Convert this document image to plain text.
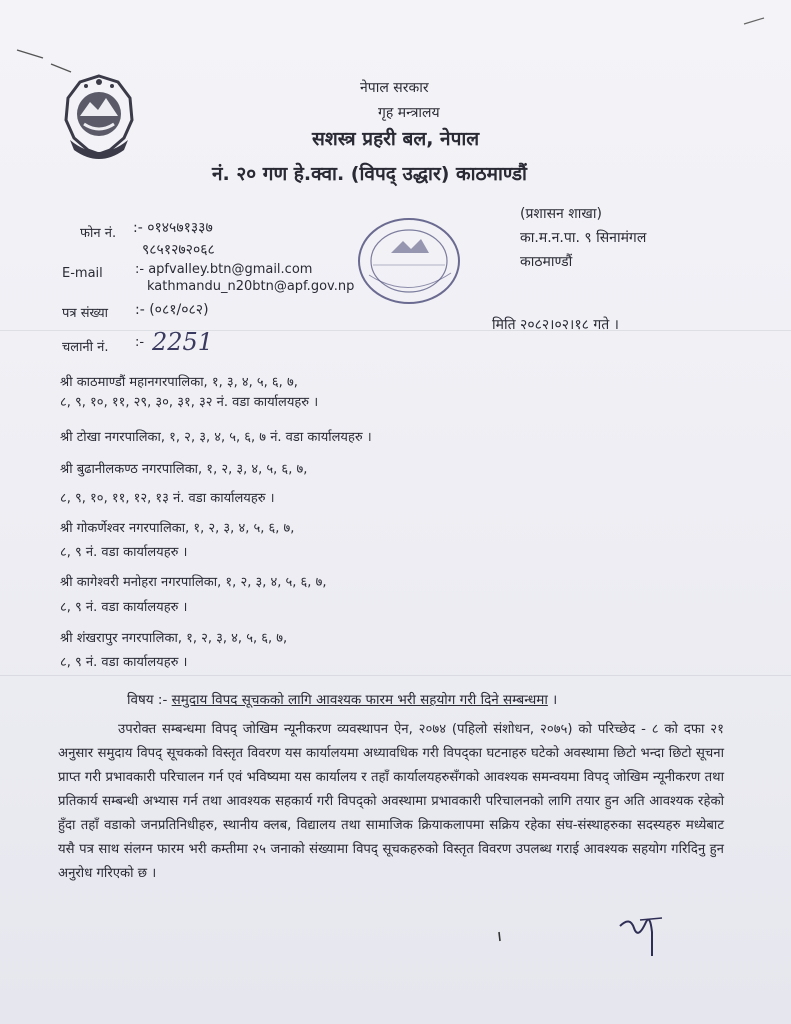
नेपाल सरकार
गृह मन्त्रालय
सशस्त्र प्रहरी बल, नेपाल
नं. २० गण हे.क्वा. (विपद् उद्धार) काठमाण्डौं
फोन नं. :- ०१४५७१३३७
९८५१२७२०६८
E-mail :- apfvalley.btn@gmail.com
kathmandu_n20btn@apf.gov.np
पत्र संख्या :- (०८१/०८२)
चलानी नं. :- 2251
(प्रशासन शाखा)
का.म.न.पा. ९ सिनामंगल
काठमाण्डौं
मिति २०८२।०२।१८ गते ।
श्री काठमाण्डौं महानगरपालिका, १, ३, ४, ५, ६, ७,
८, ९, १०, ११, २९, ३०, ३१, ३२ नं. वडा कार्यालयहरु ।
श्री टोखा नगरपालिका, १, २, ३, ४, ५, ६, ७ नं. वडा कार्यालयहरु ।
श्री बुढानीलकण्ठ नगरपालिका, १, २, ३, ४, ५, ६, ७,
८, ९, १०, ११, १२, १३ नं. वडा कार्यालयहरु ।
श्री गोकर्णेश्वर नगरपालिका, १, २, ३, ४, ५, ६, ७,
८, ९ नं. वडा कार्यालयहरु ।
श्री कागेश्वरी मनोहरा नगरपालिका, १, २, ३, ४, ५, ६, ७,
८, ९ नं. वडा कार्यालयहरु ।
श्री शंखरापुर नगरपालिका, १, २, ३, ४, ५, ६, ७,
८, ९ नं. वडा कार्यालयहरु ।
विषय :- समुदाय विपद सूचकको लागि आवश्यक फारम भरी सहयोग गरी दिने सम्बन्धमा ।

उपरोक्त सम्बन्धमा विपद् जोखिम न्यूनीकरण व्यवस्थापन ऐन, २०७४ (पहिलो संशोधन, २०७५) को परिच्छेद - ८ को दफा २१ अनुसार समुदाय विपद् सूचकको विस्तृत विवरण यस कार्यालयमा अध्यावधिक गरी विपद्का घटनाहरु घटेको अवस्थामा छिटो भन्दा छिटो सूचना प्राप्त गरी प्रभावकारी परिचालन गर्न एवं भविष्यमा यस कार्यालय र तहाँ कार्यालयहरुसँगको आवश्यक समन्वयमा विपद् जोखिम न्यूनीकरण तथा प्रतिकार्य सम्बन्धी अभ्यास गर्न तथा आवश्यक सहकार्य गरी विपद्को अवस्थामा प्रभावकारी परिचालनको लागि तयार हुन अति आवश्यक रहेको हुँदा तहाँ वडाको जनप्रतिनिधीहरु, स्थानीय क्लब, विद्यालय तथा सामाजिक क्रियाकलापमा सक्रिय रहेका संघ-संस्थाहरुका सदस्यहरु मध्येबाट यसै पत्र साथ संलग्न फारम भरी कम्तीमा २५ जनाको संख्यामा विपद् सूचकहरुको विस्तृत विवरण उपलब्ध गराई आवश्यक सहयोग गरिदिनु हुन अनुरोध गरिएको छ ।
